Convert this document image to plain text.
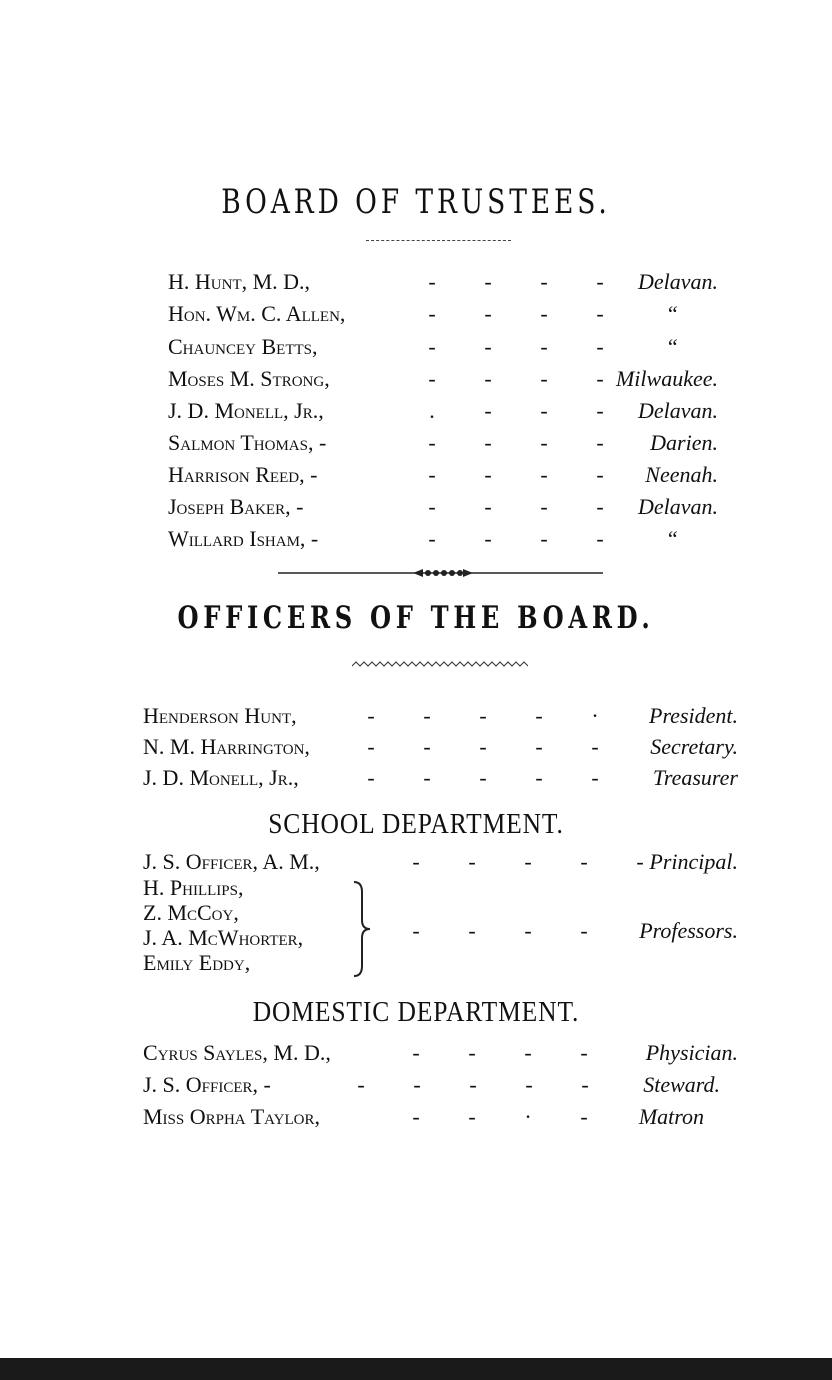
BOARD OF TRUSTEES.
H. Hunt, M. D.,	- - - -	Delavan.
Hon. Wm. C. Allen,	- - - -	“
Chauncey Betts,	- - - -	“
Moses M. Strong,	- - - - Milwaukee.
J. D. Monell, Jr.,	. - - -	Delavan.
Salmon Thomas, -	- - - -	Darien.
Harrison Reed, -	- - - -	Neenah.
Joseph Baker, -	- - - -	Delavan.
Willard Isham, -	- - - -	“
OFFICERS OF THE BOARD.
Henderson Hunt,	- - - - ·	President.
N. M. Harrington,	- - - - -	Secretary.
J. D. Monell, Jr.,	- - - - -	Treasurer
SCHOOL DEPARTMENT.
J. S. Officer, A. M.,	- - - - - Principal.
H. Phillips,
Z. McCoy,
J. A. McWhorter,
Emily Eddy,
- - - -	Professors.
DOMESTIC DEPARTMENT.
Cyrus Sayles, M. D.,	- - - -	Physician.
J. S. Officer, -	- - - - -	Steward.
Miss Orpha Taylor,	- - · -	Matron
